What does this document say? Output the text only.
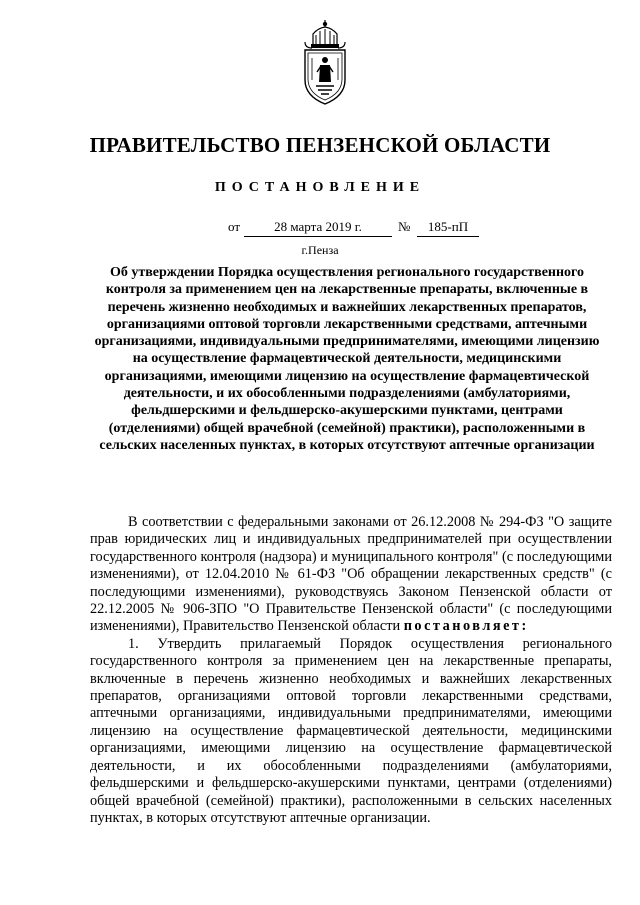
ПРАВИТЕЛЬСТВО ПЕНЗЕНСКОЙ ОБЛАСТИ
ПОСТАНОВЛЕНИЕ
от	28 марта 2019 г.	№	185-пП
г.Пенза
Об утверждении Порядка осуществления регионального государственного контроля за применением цен на лекарственные препараты, включенные в перечень жизненно необходимых и важнейших лекарственных препаратов, организациями оптовой торговли лекарственными средствами, аптечными организациями, индивидуальными предпринимателями, имеющими лицензию на осуществление фармацевтической деятельности, медицинскими организациями, имеющими лицензию на осуществление фармацевтической деятельности, и их обособленными подразделениями (амбулаториями, фельдшерскими и фельдшерско-акушерскими пунктами, центрами (отделениями) общей врачебной (семейной) практики), расположенными в сельских населенных пунктах, в которых отсутствуют аптечные организации

В соответствии с федеральными законами от 26.12.2008 № 294-ФЗ "О защите прав юридических лиц и индивидуальных предпринимателей при осуществлении государственного контроля (надзора) и муниципального контроля" (с последующими изменениями), от 12.04.2010 № 61-ФЗ "Об обращении лекарственных средств" (с последующими изменениями), руководствуясь Законом Пензенской области от 22.12.2005 № 906-ЗПО "О Правительстве Пензенской области" (с последующими изменениями), Правительство Пензенской области постановляет:

1. Утвердить прилагаемый Порядок осуществления регионального государственного контроля за применением цен на лекарственные препараты, включенные в перечень жизненно необходимых и важнейших лекарственных препаратов, организациями оптовой торговли лекарственными средствами, аптечными организациями, индивидуальными предпринимателями, имеющими лицензию на осуществление фармацевтической деятельности, медицинскими организациями, имеющими лицензию на осуществление фармацевтической деятельности, и их обособленными подразделениями (амбулаториями, фельдшерскими и фельдшерско-акушерскими пунктами, центрами (отделениями) общей врачебной (семейной) практики), расположенными в сельских населенных пунктах, в которых отсутствуют аптечные организации.
